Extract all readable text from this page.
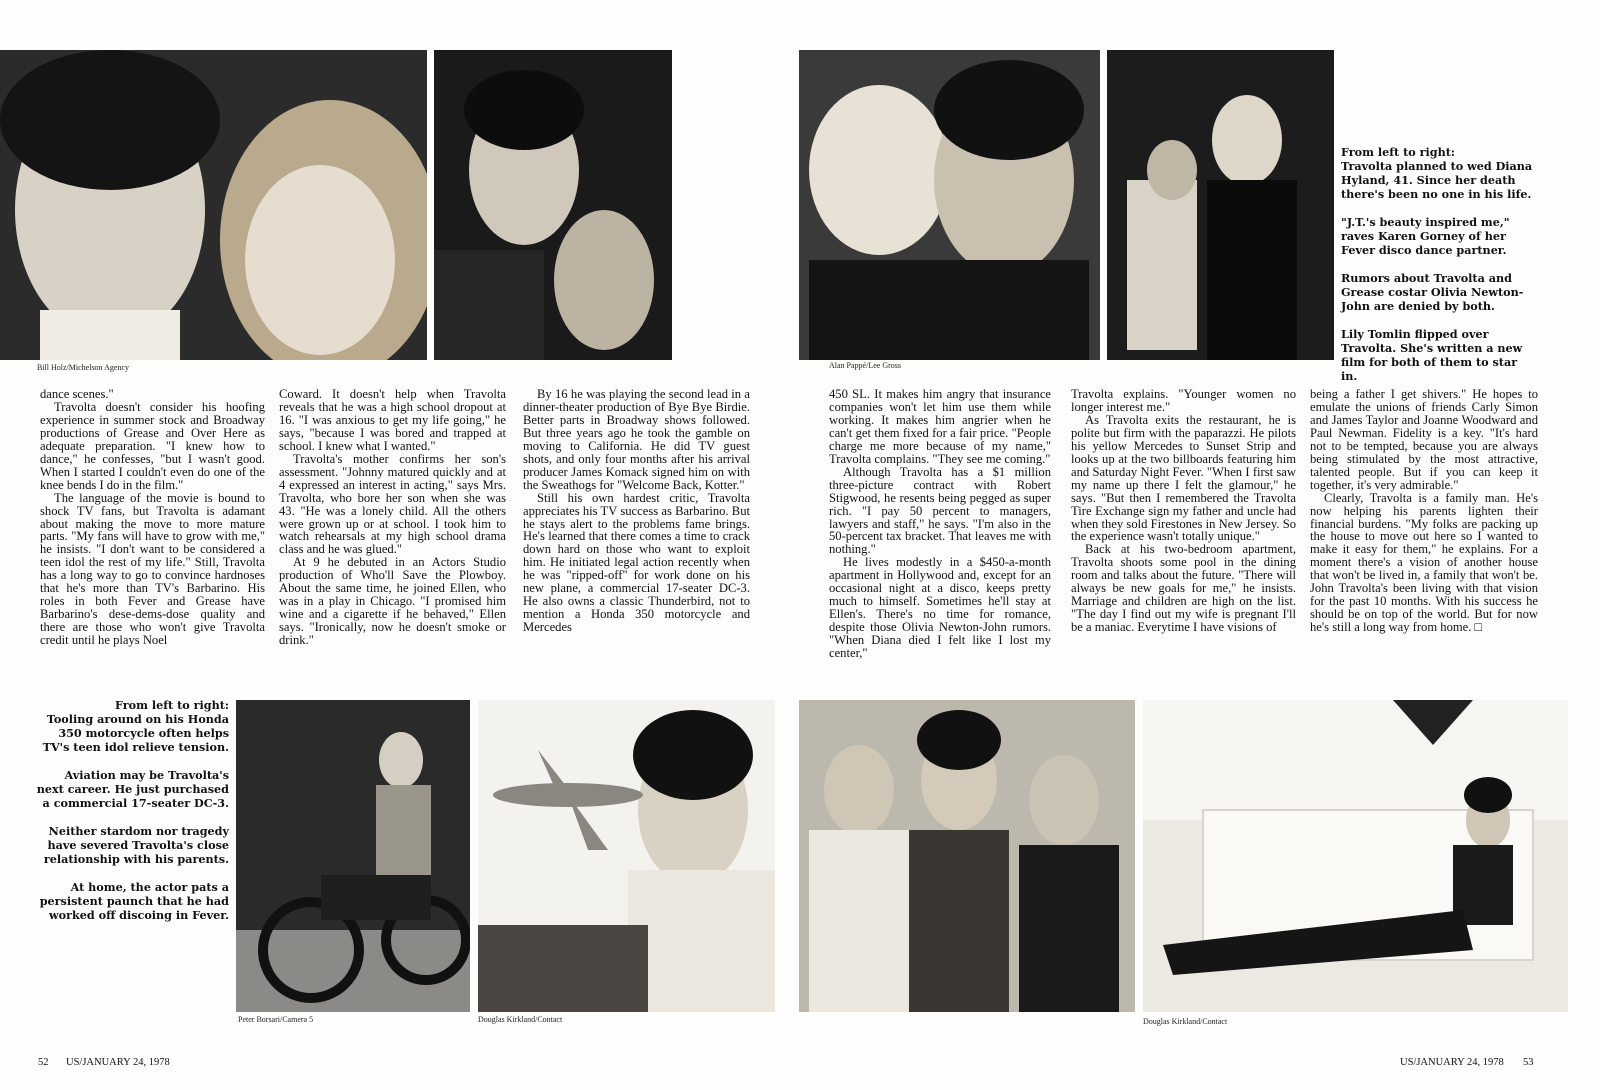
Bill Holz/Michelson Agency	Alan Pappé/Lee Gross

From left to right:

Travolta planned to wed Diana Hyland, 41. Since her death there's been no one in his life.

"J.T.'s beauty inspired me," raves Karen Gorney of her Fever disco dance partner.

Rumors about Travolta and Grease costar Olivia Newton-John are denied by both.

Lily Tomlin flipped over Travolta. She's written a new film for both of them to star in.

dance scenes."

Travolta doesn't consider his hoofing experience in summer stock and Broadway productions of Grease and Over Here as adequate preparation. "I knew how to dance," he confesses, "but I wasn't good. When I started I couldn't even do one of the knee bends I do in the film."

The language of the movie is bound to shock TV fans, but Travolta is adamant about making the move to more mature parts. "My fans will have to grow with me," he insists. "I don't want to be considered a teen idol the rest of my life." Still, Travolta has a long way to go to convince hardnoses that he's more than TV's Barbarino. His roles in both Fever and Grease have Barbarino's dese-dems-dose quality and there are those who won't give Travolta credit until he plays Noel

Coward. It doesn't help when Travolta reveals that he was a high school dropout at 16. "I was anxious to get my life going," he says, "because I was bored and trapped at school. I knew what I wanted."

Travolta's mother confirms her son's assessment. "Johnny matured quickly and at 4 expressed an interest in acting," says Mrs. Travolta, who bore her son when she was 43. "He was a lonely child. All the others were grown up or at school. I took him to watch rehearsals at my high school drama class and he was glued."

At 9 he debuted in an Actors Studio production of Who'll Save the Plowboy. About the same time, he joined Ellen, who was in a play in Chicago. "I promised him wine and a cigarette if he behaved," Ellen says. "Ironically, now he doesn't smoke or drink."

By 16 he was playing the second lead in a dinner-theater production of Bye Bye Birdie. Better parts in Broadway shows followed. But three years ago he took the gamble on moving to California. He did TV guest shots, and only four months after his arrival producer James Komack signed him on with the Sweathogs for "Welcome Back, Kotter."

Still his own hardest critic, Travolta appreciates his TV success as Barbarino. But he stays alert to the problems fame brings. He's learned that there comes a time to crack down hard on those who want to exploit him. He initiated legal action recently when he was "ripped-off" for work done on his new plane, a commercial 17-seater DC-3. He also owns a classic Thunderbird, not to mention a Honda 350 motorcycle and Mercedes

450 SL. It makes him angry that insurance companies won't let him use them while working. It makes him angrier when he can't get them fixed for a fair price. "People charge me more because of my name," Travolta complains. "They see me coming."

Although Travolta has a $1 million three-picture contract with Robert Stigwood, he resents being pegged as super rich. "I pay 50 percent to managers, lawyers and staff," he says. "I'm also in the 50-percent tax bracket. That leaves me with nothing."

He lives modestly in a $450-a-month apartment in Hollywood and, except for an occasional night at a disco, keeps pretty much to himself. Sometimes he'll stay at Ellen's. There's no time for romance, despite those Olivia Newton-John rumors. "When Diana died I felt like I lost my center,"

Travolta explains. "Younger women no longer interest me."

As Travolta exits the restaurant, he is polite but firm with the paparazzi. He pilots his yellow Mercedes to Sunset Strip and looks up at the two billboards featuring him and Saturday Night Fever. "When I first saw my name up there I felt the glamour," he says. "But then I remembered the Travolta Tire Exchange sign my father and uncle had when they sold Firestones in New Jersey. So the experience wasn't totally unique."

Back at his two-bedroom apartment, Travolta shoots some pool in the dining room and talks about the future. "There will always be new goals for me," he insists. Marriage and children are high on the list. "The day I find out my wife is pregnant I'll be a maniac. Everytime I have visions of

being a father I get shivers." He hopes to emulate the unions of friends Carly Simon and James Taylor and Joanne Woodward and Paul Newman. Fidelity is a key. "It's hard not to be tempted, because you are always being stimulated by the most attractive, talented people. But if you can keep it together, it's very admirable."

Clearly, Travolta is a family man. He's now helping his parents lighten their financial burdens. "My folks are packing up the house to move out here so I wanted to make it easy for them," he explains. For a moment there's a vision of another house that won't be lived in, a family that won't be. John Travolta's been living with that vision for the past 10 months. With his success he should be on top of the world. But for now he's still a long way from home. □

From left to right:

Tooling around on his Honda 350 motorcycle often helps TV's teen idol relieve tension.

Aviation may be Travolta's next career. He just purchased a commercial 17-seater DC-3.

Neither stardom nor tragedy have severed Travolta's close relationship with his parents.

At home, the actor pats a persistent paunch that he had worked off discoing in Fever.

Peter Borsari/Camera 5	Douglas Kirkland/Contact	Douglas Kirkland/Contact
52 US/JANUARY 24, 1978	US/JANUARY 24, 1978 53
